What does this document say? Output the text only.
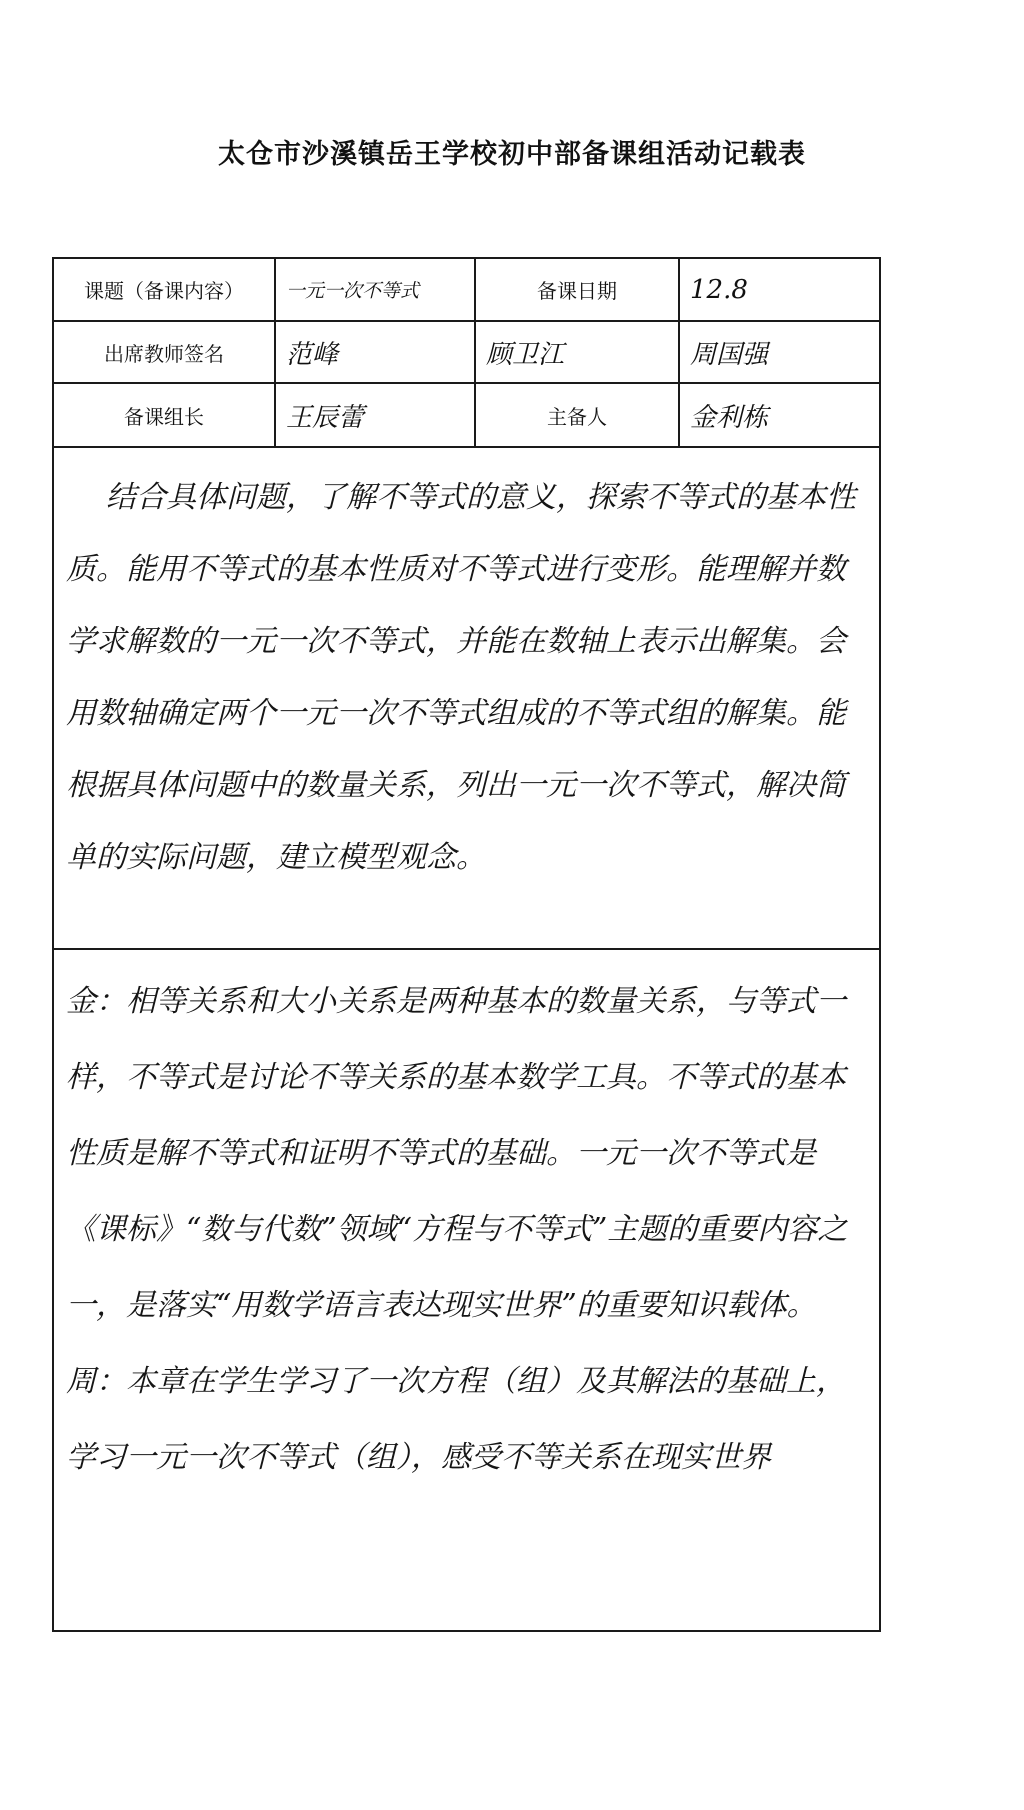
太仓市沙溪镇岳王学校初中部备课组活动记载表
课题（备课内容）	一元一次不等式	备课日期	12.8
出席教师签名	范峰	顾卫江	周国强
备课组长	王辰蕾	主备人	金利栋
结合具体问题，了解不等式的意义，探索不等式的基本性质。能用不等式的基本性质对不等式进行变形。能理解并数学求解数的一元一次不等式，并能在数轴上表示出解集。会用数轴确定两个一元一次不等式组成的不等式组的解集。能根据具体问题中的数量关系，列出一元一次不等式，解决简单的实际问题，建立模型观念。

金：相等关系和大小关系是两种基本的数量关系，与等式一样，不等式是讨论不等关系的基本数学工具。不等式的基本性质是解不等式和证明不等式的基础。一元一次不等式是《课标》“数与代数”领域“方程与不等式”主题的重要内容之一，是落实“用数学语言表达现实世界”的重要知识载体。

周：本章在学生学习了一次方程（组）及其解法的基础上，学习一元一次不等式（组），感受不等关系在现实世界
